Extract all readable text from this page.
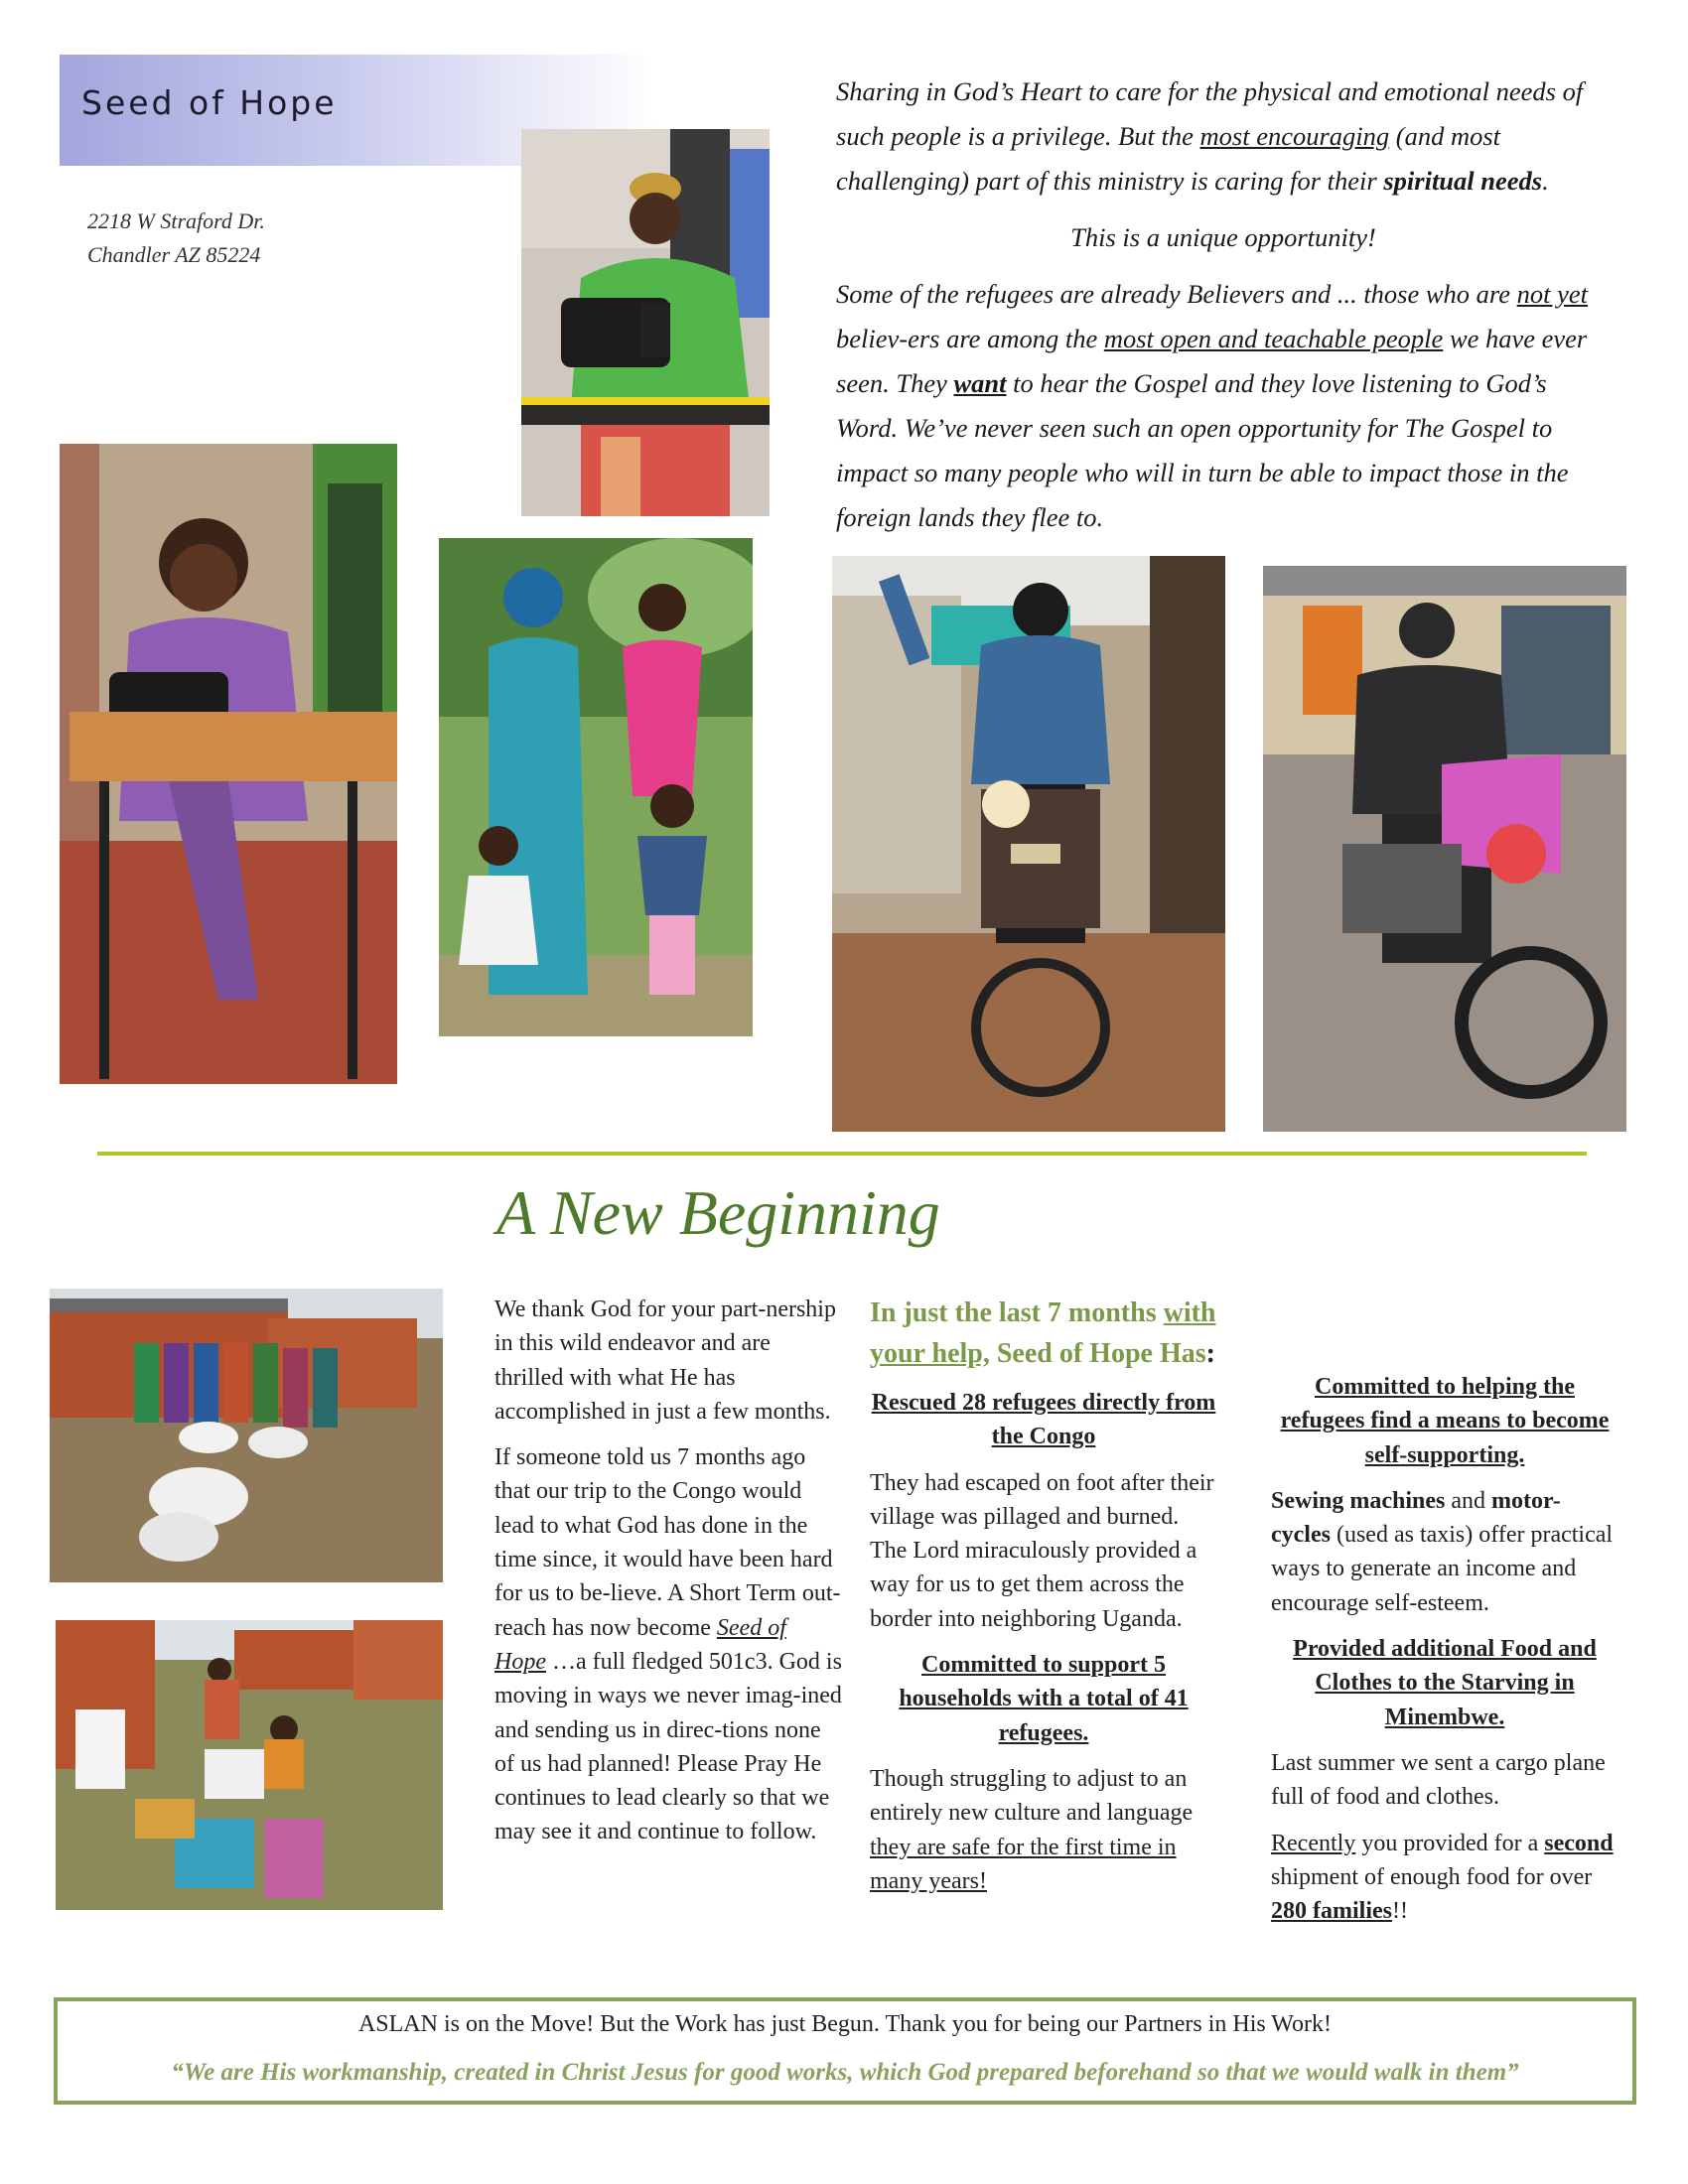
Seed of Hope
2218 W Straford Dr.
Chandler AZ 85224

Sharing in God’s Heart to care for the physical and emotional needs of such people is a privilege. But the most encouraging (and most challenging) part of this ministry is caring for their spiritual needs.

This is a unique opportunity!

Some of the refugees are already Believers and ... those who are not yet believ-ers are among the most open and teachable people we have ever seen. They want to hear the Gospel and they love listening to God’s Word. We’ve never seen such an open opportunity for The Gospel to impact so many people who will in turn be able to impact those in the foreign lands they flee to.

A New Beginning

We thank God for your part-nership in this wild endeavor and are thrilled with what He has accomplished in just a few months.

If someone told us 7 months ago that our trip to the Congo would lead to what God has done in the time since, it would have been hard for us to be-lieve. A Short Term out-reach has now become Seed of Hope …a full fledged 501c3. God is moving in ways we never imag-ined and sending us in direc-tions none of us had planned! Please Pray He continues to lead clearly so that we may see it and continue to follow.

In just the last 7 months with your help, Seed of Hope Has:

Rescued 28 refugees directly from the Congo

They had escaped on foot after their village was pillaged and burned. The Lord miraculously provided a way for us to get them across the border into neighboring Uganda.

Committed to support 5 households with a total of 41 refugees.

Though struggling to adjust to an entirely new culture and language they are safe for the first time in many years!

Committed to helping the refugees find a means to become self-supporting.

Sewing machines and motor-cycles (used as taxis) offer practical ways to generate an income and encourage self-esteem.

Provided additional Food and Clothes to the Starving in Minembwe.

Last summer we sent a cargo plane full of food and clothes.

Recently you provided for a second shipment of enough food for over 280 families!!

ASLAN is on the Move! But the Work has just Begun. Thank you for being our Partners in His Work!
“We are His workmanship, created in Christ Jesus for good works, which God prepared beforehand so that we would walk in them”
